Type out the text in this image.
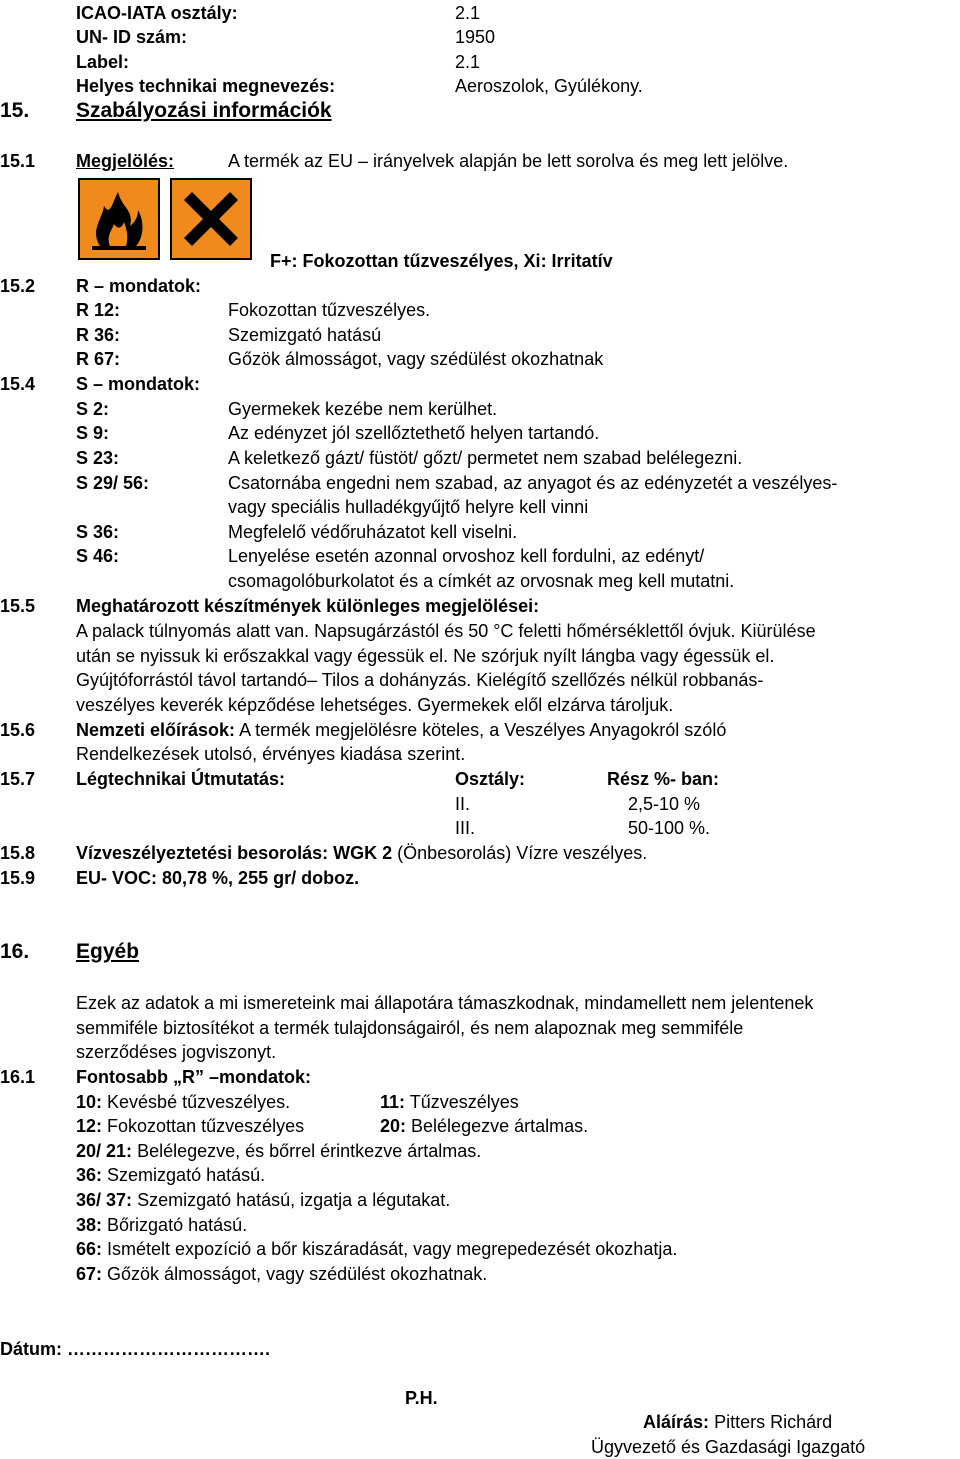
ICAO-IATA osztály:	2.1
UN- ID szám:	1950
Label:	2.1
Helyes technikai megnevezés:	Aeroszolok, Gyúlékony.
15. Szabályozási információk
15.1 Megjelölés:	A termék az EU – irányelvek alapján be lett sorolva és meg lett jelölve.
F+: Fokozottan tűzveszélyes, Xi: Irritatív
15.2 R – mondatok:
R 12:	Fokozottan tűzveszélyes.
R 36:	Szemizgató hatású
R 67:	Gőzök álmosságot, vagy szédülést okozhatnak
15.4 S – mondatok:
S 2:	Gyermekek kezébe nem kerülhet.
S 9:	Az edényzet jól szellőztethető helyen tartandó.
S 23:	A keletkező gázt/ füstöt/ gőzt/ permetet nem szabad belélegezni.
S 29/ 56:	Csatornába engedni nem szabad, az anyagot és az edényzetét a veszélyes-
vagy speciális hulladékgyűjtő helyre kell vinni
S 36:	Megfelelő védőruházatot kell viselni.
S 46:	Lenyelése esetén azonnal orvoshoz kell fordulni, az edényt/
csomagolóburkolatot és a címkét az orvosnak meg kell mutatni.
15.5 Meghatározott készítmények különleges megjelölései:
A palack túlnyomás alatt van. Napsugárzástól és 50 °C feletti hőmérséklettől óvjuk. Kiürülése
után se nyissuk ki erőszakkal vagy égessük el. Ne szórjuk nyílt lángba vagy égessük el.
Gyújtóforrástól távol tartandó– Tilos a dohányzás. Kielégítő szellőzés nélkül robbanás-
veszélyes keverék képződése lehetséges. Gyermekek elől elzárva tároljuk.
15.6 Nemzeti előírások: A termék megjelölésre köteles, a Veszélyes Anyagokról szóló
Rendelkezések utolsó, érvényes kiadása szerint.
15.7 Légtechnikai Útmutatás:	Osztály:	Rész %- ban:
II.	2,5-10 %
III.	50-100 %.
15.8 Vízveszélyeztetési besorolás: WGK 2 (Önbesorolás) Vízre veszélyes.
15.9 EU- VOC: 80,78 %, 255 gr/ doboz.
16. Egyéb
Ezek az adatok a mi ismereteink mai állapotára támaszkodnak, mindamellett nem jelentenek
semmiféle biztosítékot a termék tulajdonságairól, és nem alapoznak meg semmiféle
szerződéses jogviszonyt.
16.1 Fontosabb „R” –mondatok:
10: Kevésbé tűzveszélyes.	11: Tűzveszélyes
12: Fokozottan tűzveszélyes	20: Belélegezve ártalmas.
20/ 21: Belélegezve, és bőrrel érintkezve ártalmas.
36: Szemizgató hatású.
36/ 37: Szemizgató hatású, izgatja a légutakat.
38: Bőrizgató hatású.
66: Ismételt expozíció a bőr kiszáradását, vagy megrepedezését okozhatja.
67: Gőzök álmosságot, vagy szédülést okozhatnak.
Dátum: …………………………….
P.H.
Aláírás: Pitters Richárd
Ügyvezető és Gazdasági Igazgató
